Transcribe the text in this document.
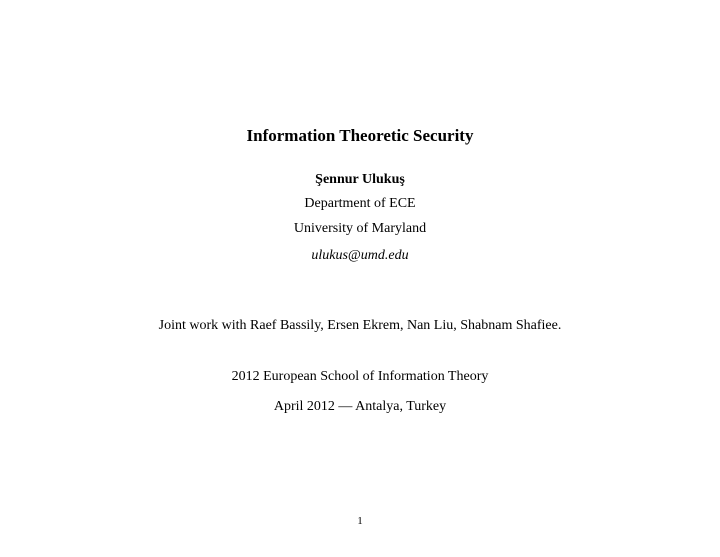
Information Theoretic Security
Şennur Ulukuş
Department of ECE
University of Maryland
ulukus@umd.edu
Joint work with Raef Bassily, Ersen Ekrem, Nan Liu, Shabnam Shafiee.
2012 European School of Information Theory
April 2012 — Antalya, Turkey
1
